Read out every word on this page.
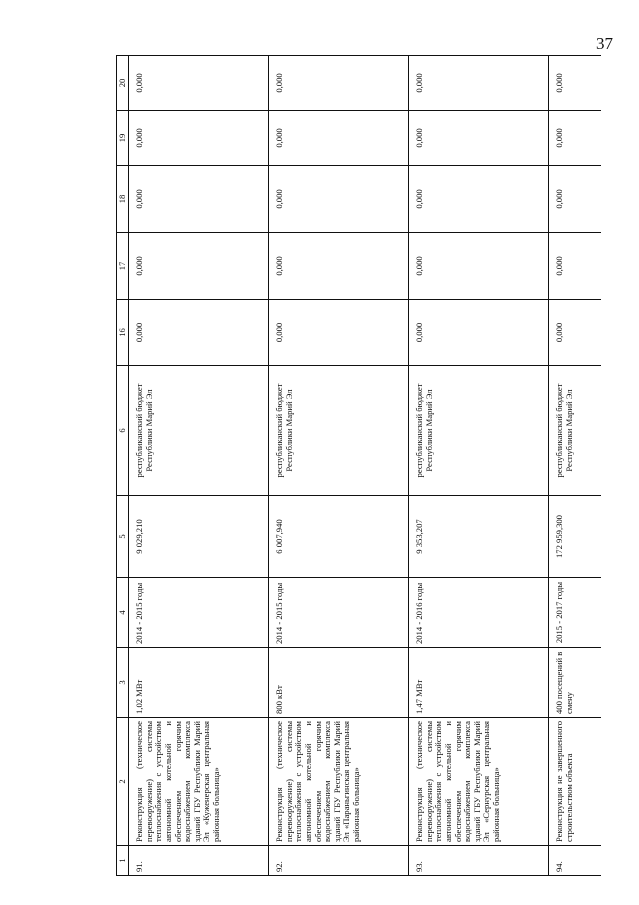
37
1	2	3	4	5	6	16	17	18	19	20
91.	Реконструкция (техническое перевооружение) системы теплоснабжения с устройством автономной котельной и обеспечением горячим водоснабжением комплекса зданий ГБУ Республики Марий Эл «Куженерская центральная районная больница»	1,02 МВт	2014 - 2015 годы	9 029,210	республиканский бюджет Республики Марий Эл	0,000	0,000	0,000	0,000	0,000
92.	Реконструкция (техническое перевооружение) системы теплоснабжения с устройством автономной котельной и обеспечением горячим водоснабжением комплекса зданий ГБУ Республики Марий Эл «Параньгинская центральная районная больница»	800 кВт	2014 - 2015 годы	6 007,940	республиканский бюджет Республики Марий Эл	0,000	0,000	0,000	0,000	0,000
93.	Реконструкция (техническое перевооружение) системы теплоснабжения с устройством автономной котельной и обеспечением горячим водоснабжением комплекса зданий ГБУ Республики Марий Эл «Сернурская центральная районная больница»	1,47 МВт	2014 - 2016 годы	9 353,207	республиканский бюджет Республики Марий Эл	0,000	0,000	0,000	0,000	0,000
94.	Реконструкция не завершенного строительством объекта	400 посещений в смену	2015 - 2017 годы	172 959,300	республиканский бюджет Республики Марий Эл	0,000	0,000	0,000	0,000	0,000
